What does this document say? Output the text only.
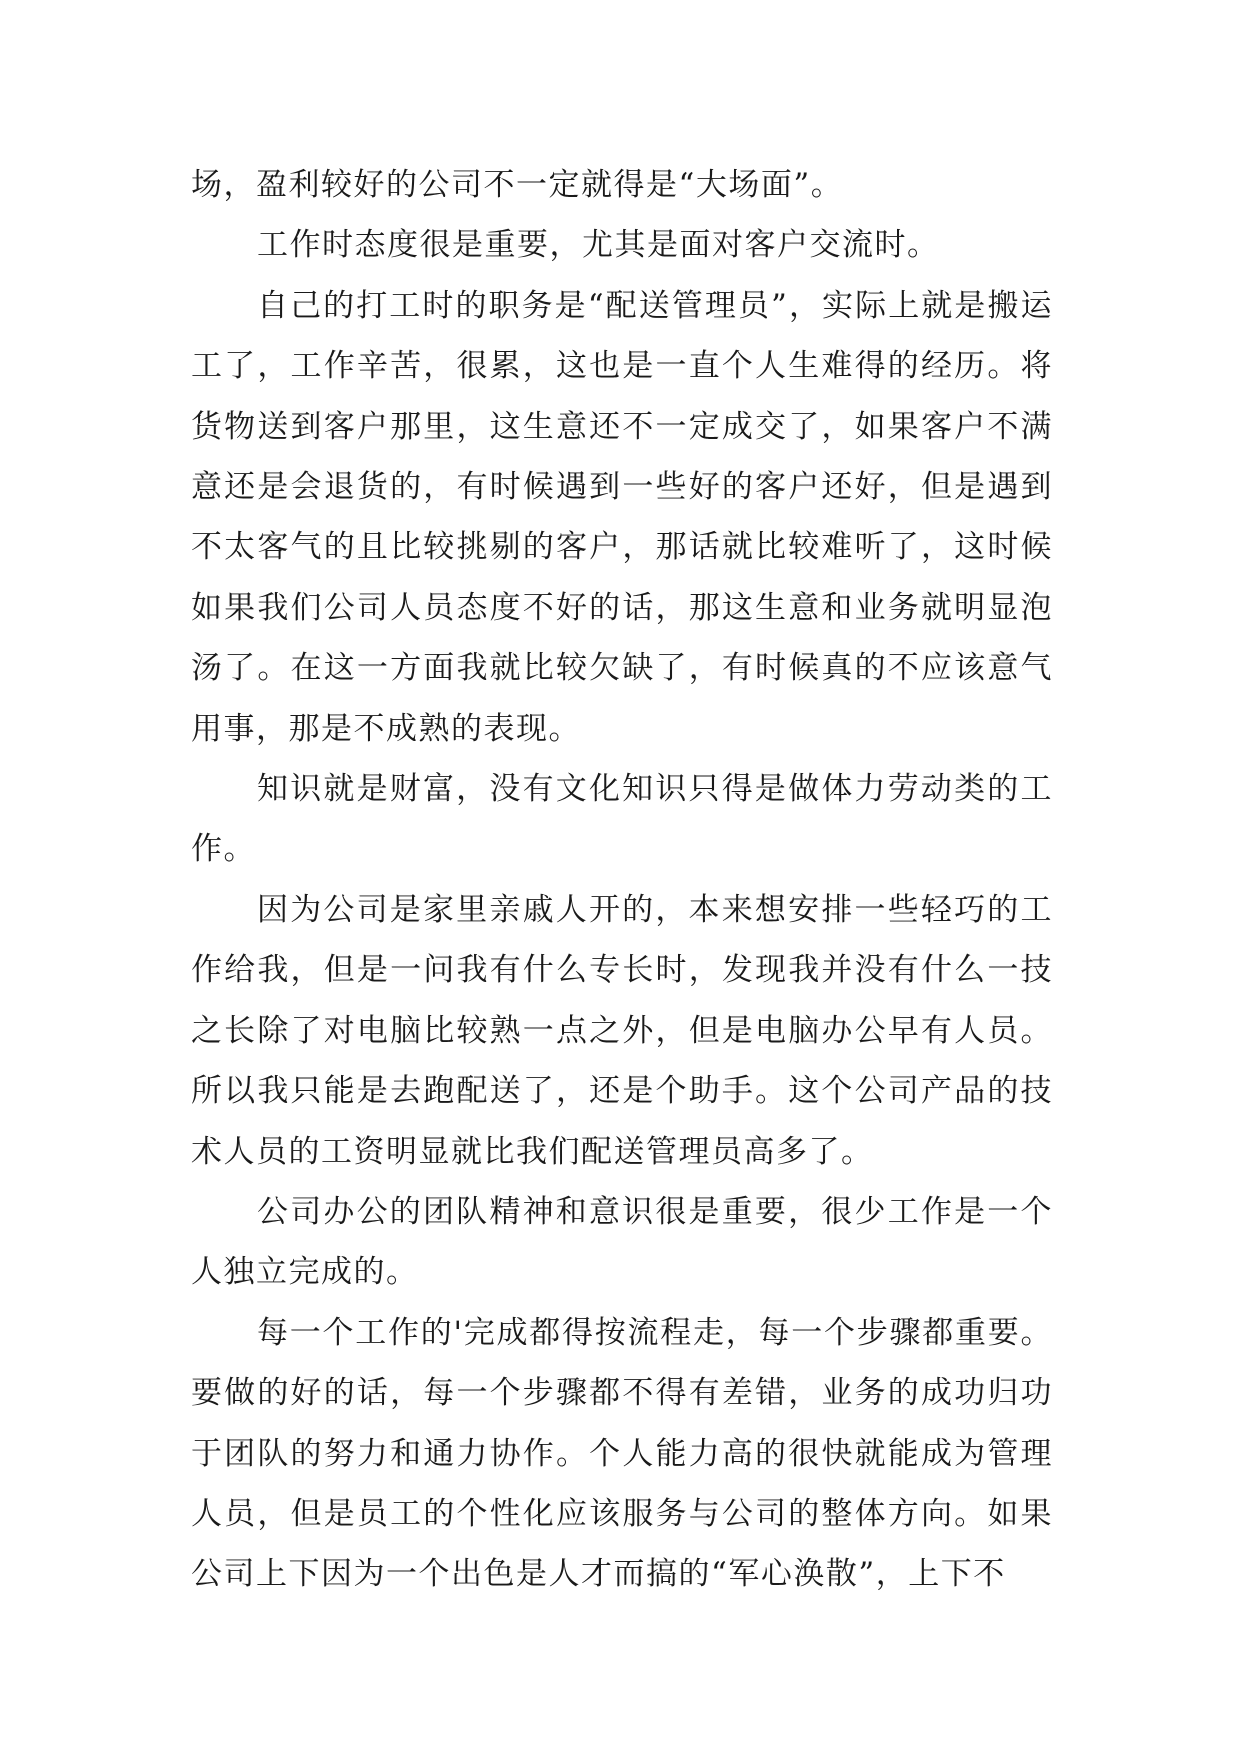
场，盈利较好的公司不一定就得是“大场面”。

工作时态度很是重要，尤其是面对客户交流时。

自己的打工时的职务是“配送管理员”，实际上就是搬运工了，工作辛苦，很累，这也是一直个人生难得的经历。将货物送到客户那里，这生意还不一定成交了，如果客户不满意还是会退货的，有时候遇到一些好的客户还好，但是遇到不太客气的且比较挑剔的客户，那话就比较难听了，这时候如果我们公司人员态度不好的话，那这生意和业务就明显泡汤了。在这一方面我就比较欠缺了，有时候真的不应该意气用事，那是不成熟的表现。

知识就是财富，没有文化知识只得是做体力劳动类的工作。

因为公司是家里亲戚人开的，本来想安排一些轻巧的工作给我，但是一问我有什么专长时，发现我并没有什么一技之长除了对电脑比较熟一点之外，但是电脑办公早有人员。所以我只能是去跑配送了，还是个助手。这个公司产品的技术人员的工资明显就比我们配送管理员高多了。

公司办公的团队精神和意识很是重要，很少工作是一个人独立完成的。

每一个工作的'完成都得按流程走，每一个步骤都重要。要做的好的话，每一个步骤都不得有差错，业务的成功归功于团队的努力和通力协作。个人能力高的很快就能成为管理人员，但是员工的个性化应该服务与公司的整体方向。如果公司上下因为一个出色是人才而搞的“军心涣散”，上下不
